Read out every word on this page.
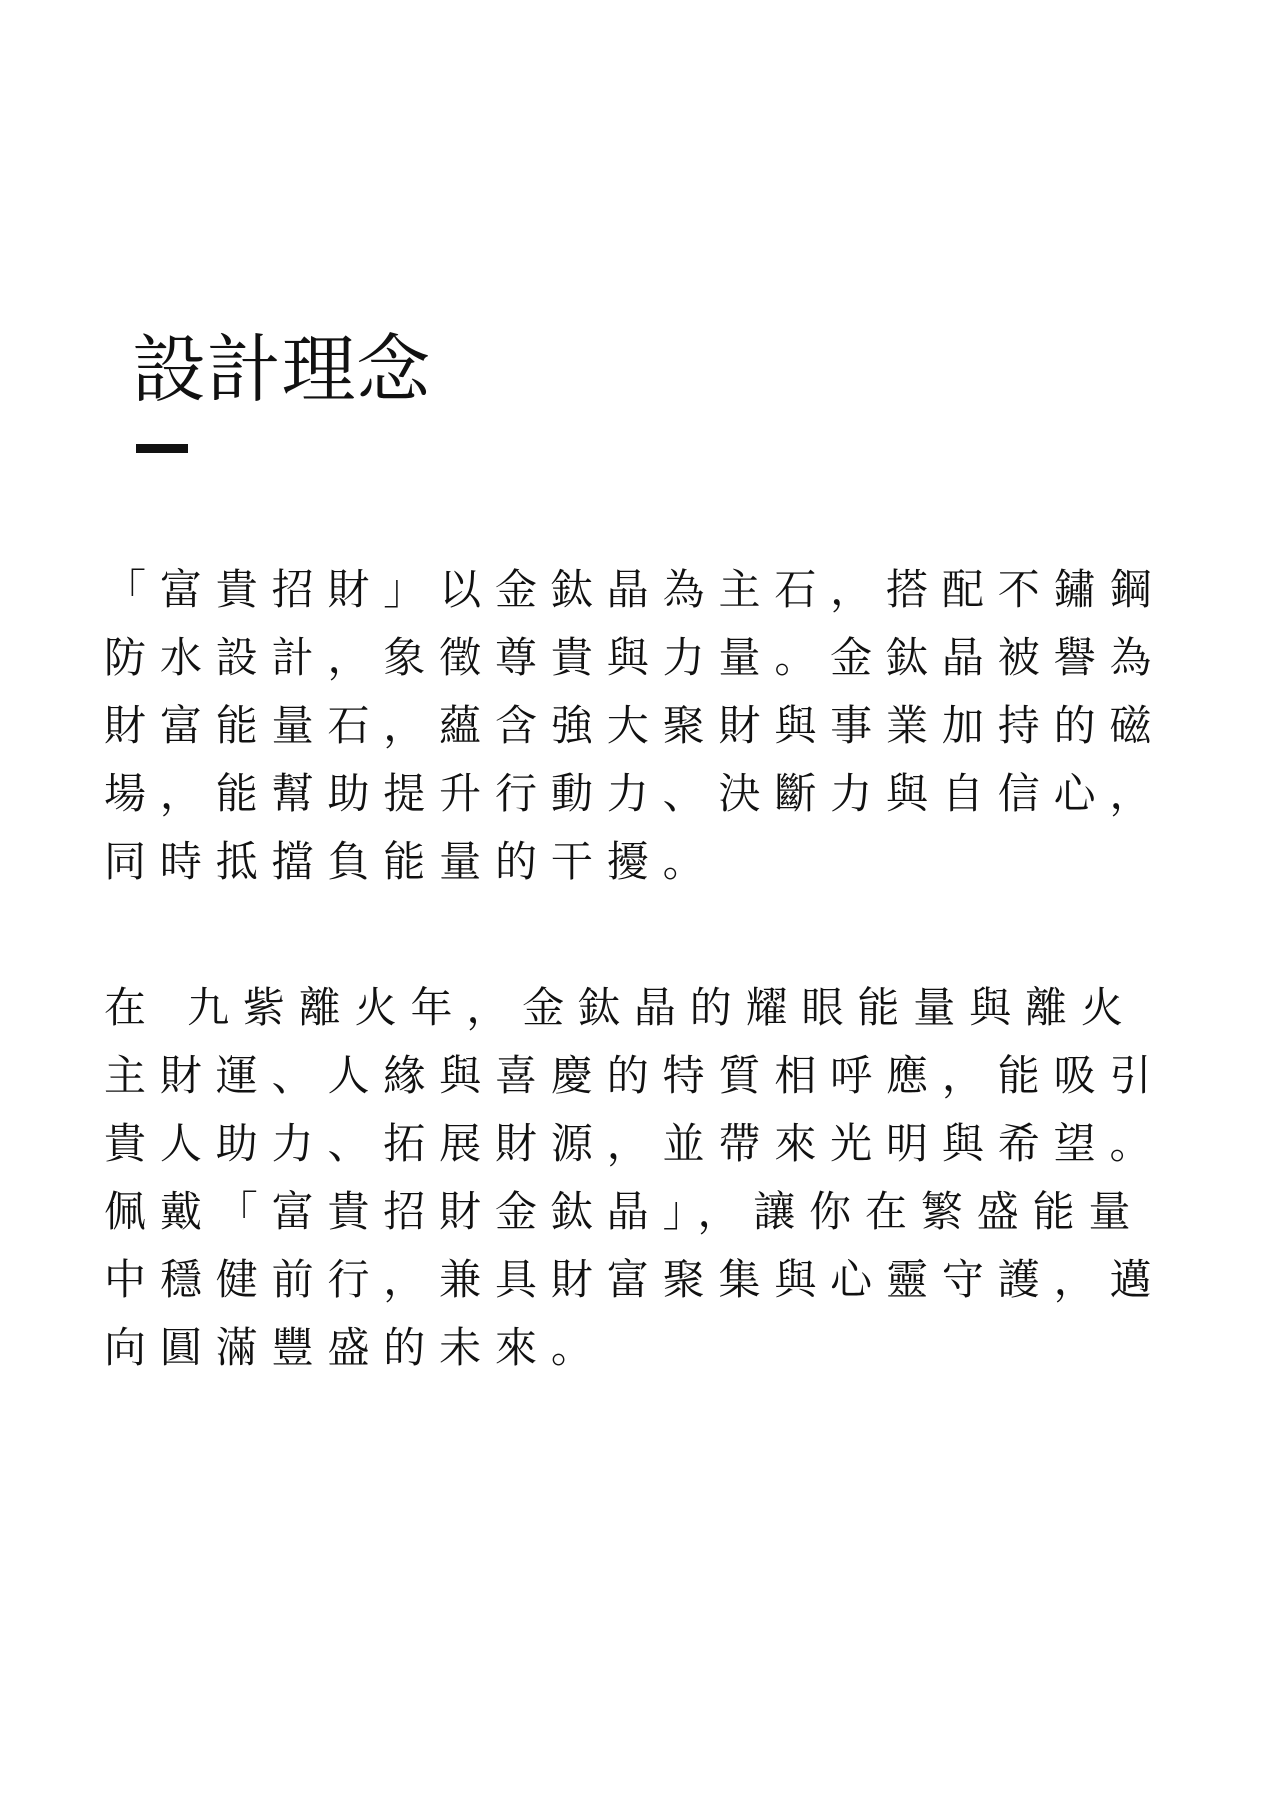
設計理念

「富貴招財」以金鈦晶為主石，搭配不鏽鋼防水設計，象徵尊貴與力量。金鈦晶被譽為財富能量石，蘊含強大聚財與事業加持的磁場，能幫助提升行動力、決斷力與自信心，同時抵擋負能量的干擾。

在 九紫離火年，金鈦晶的耀眼能量與離火主財運、人緣與喜慶的特質相呼應，能吸引貴人助力、拓展財源，並帶來光明與希望。佩戴「富貴招財金鈦晶」，讓你在繁盛能量中穩健前行，兼具財富聚集與心靈守護，邁向圓滿豐盛的未來。
